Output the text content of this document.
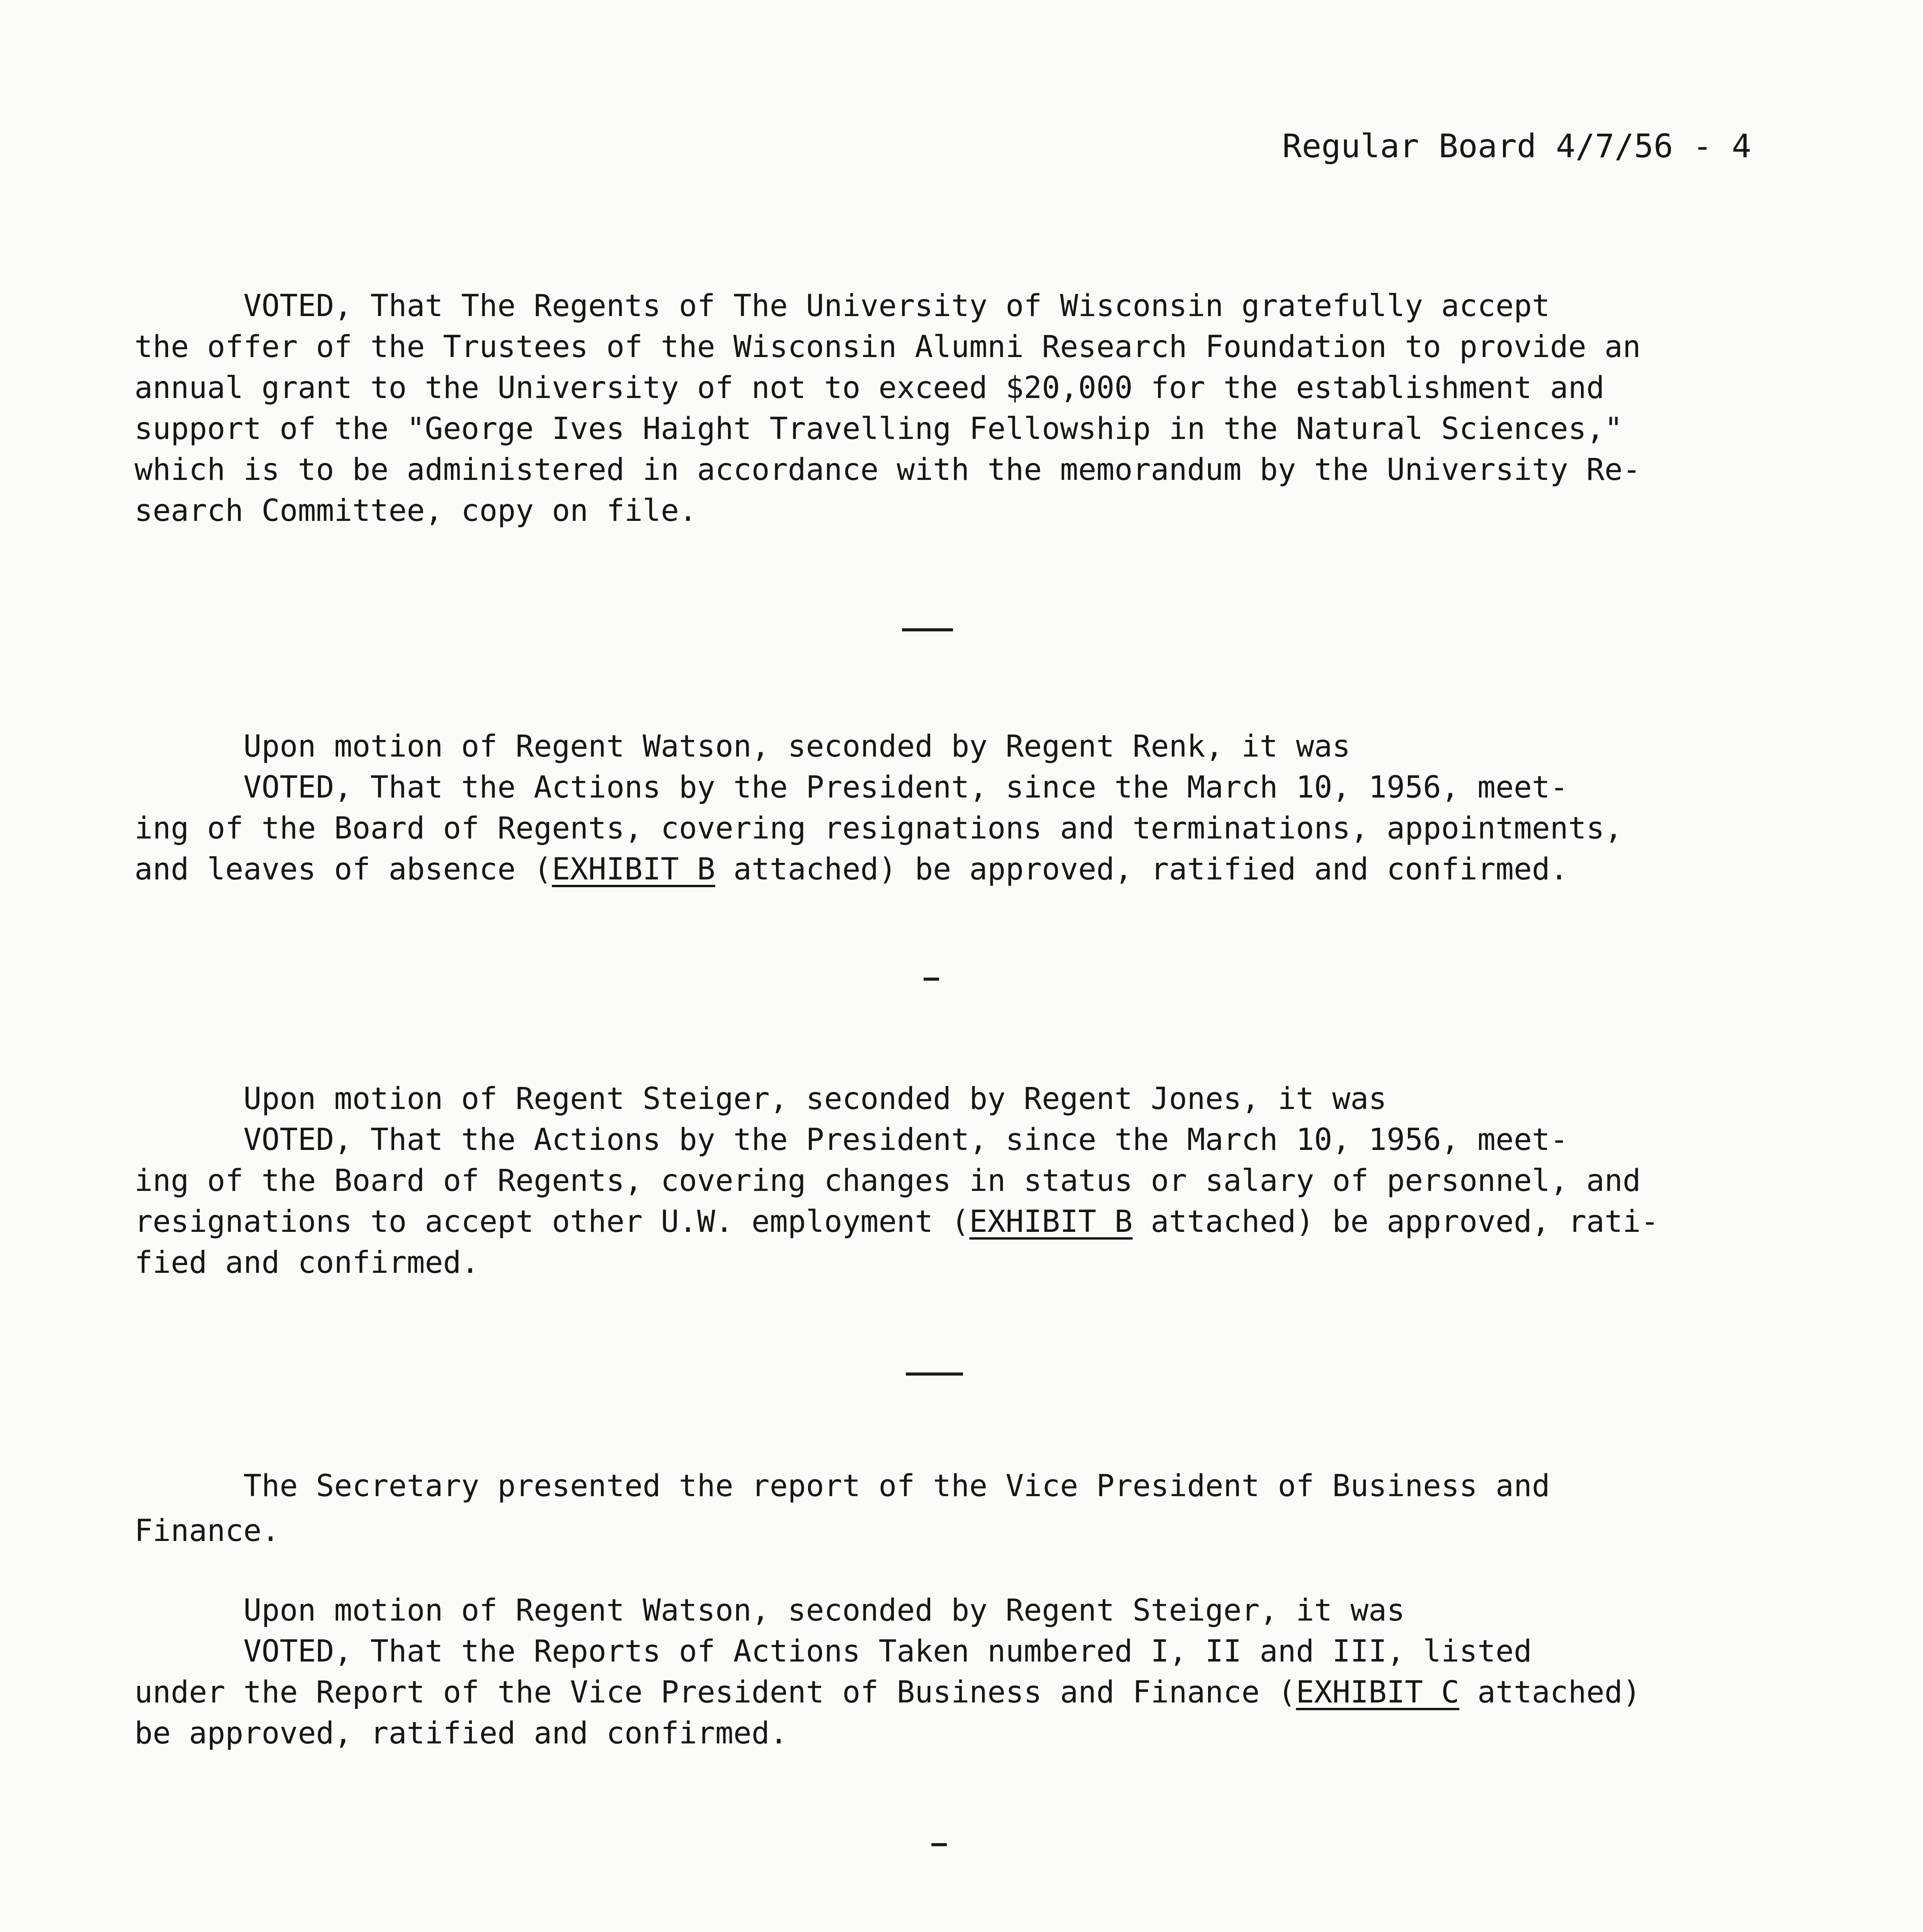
Regular Board 4/7/56 - 4
VOTED, That The Regents of The University of Wisconsin gratefully accept
the offer of the Trustees of the Wisconsin Alumni Research Foundation to provide an
annual grant to the University of not to exceed $20,000 for the establishment and
support of the "George Ives Haight Travelling Fellowship in the Natural Sciences,"
which is to be administered in accordance with the memorandum by the University Re-
search Committee, copy on file.
Upon motion of Regent Watson, seconded by Regent Renk, it was
VOTED, That the Actions by the President, since the March 10, 1956, meet-
ing of the Board of Regents, covering resignations and terminations, appointments,
and leaves of absence (EXHIBIT B attached) be approved, ratified and confirmed.
Upon motion of Regent Steiger, seconded by Regent Jones, it was
VOTED, That the Actions by the President, since the March 10, 1956, meet-
ing of the Board of Regents, covering changes in status or salary of personnel, and
resignations to accept other U.W. employment (EXHIBIT B attached) be approved, rati-
fied and confirmed.
The Secretary presented the report of the Vice President of Business and
Finance.
Upon motion of Regent Watson, seconded by Regent Steiger, it was
VOTED, That the Reports of Actions Taken numbered I, II and III, listed
under the Report of the Vice President of Business and Finance (EXHIBIT C attached)
be approved, ratified and confirmed.
